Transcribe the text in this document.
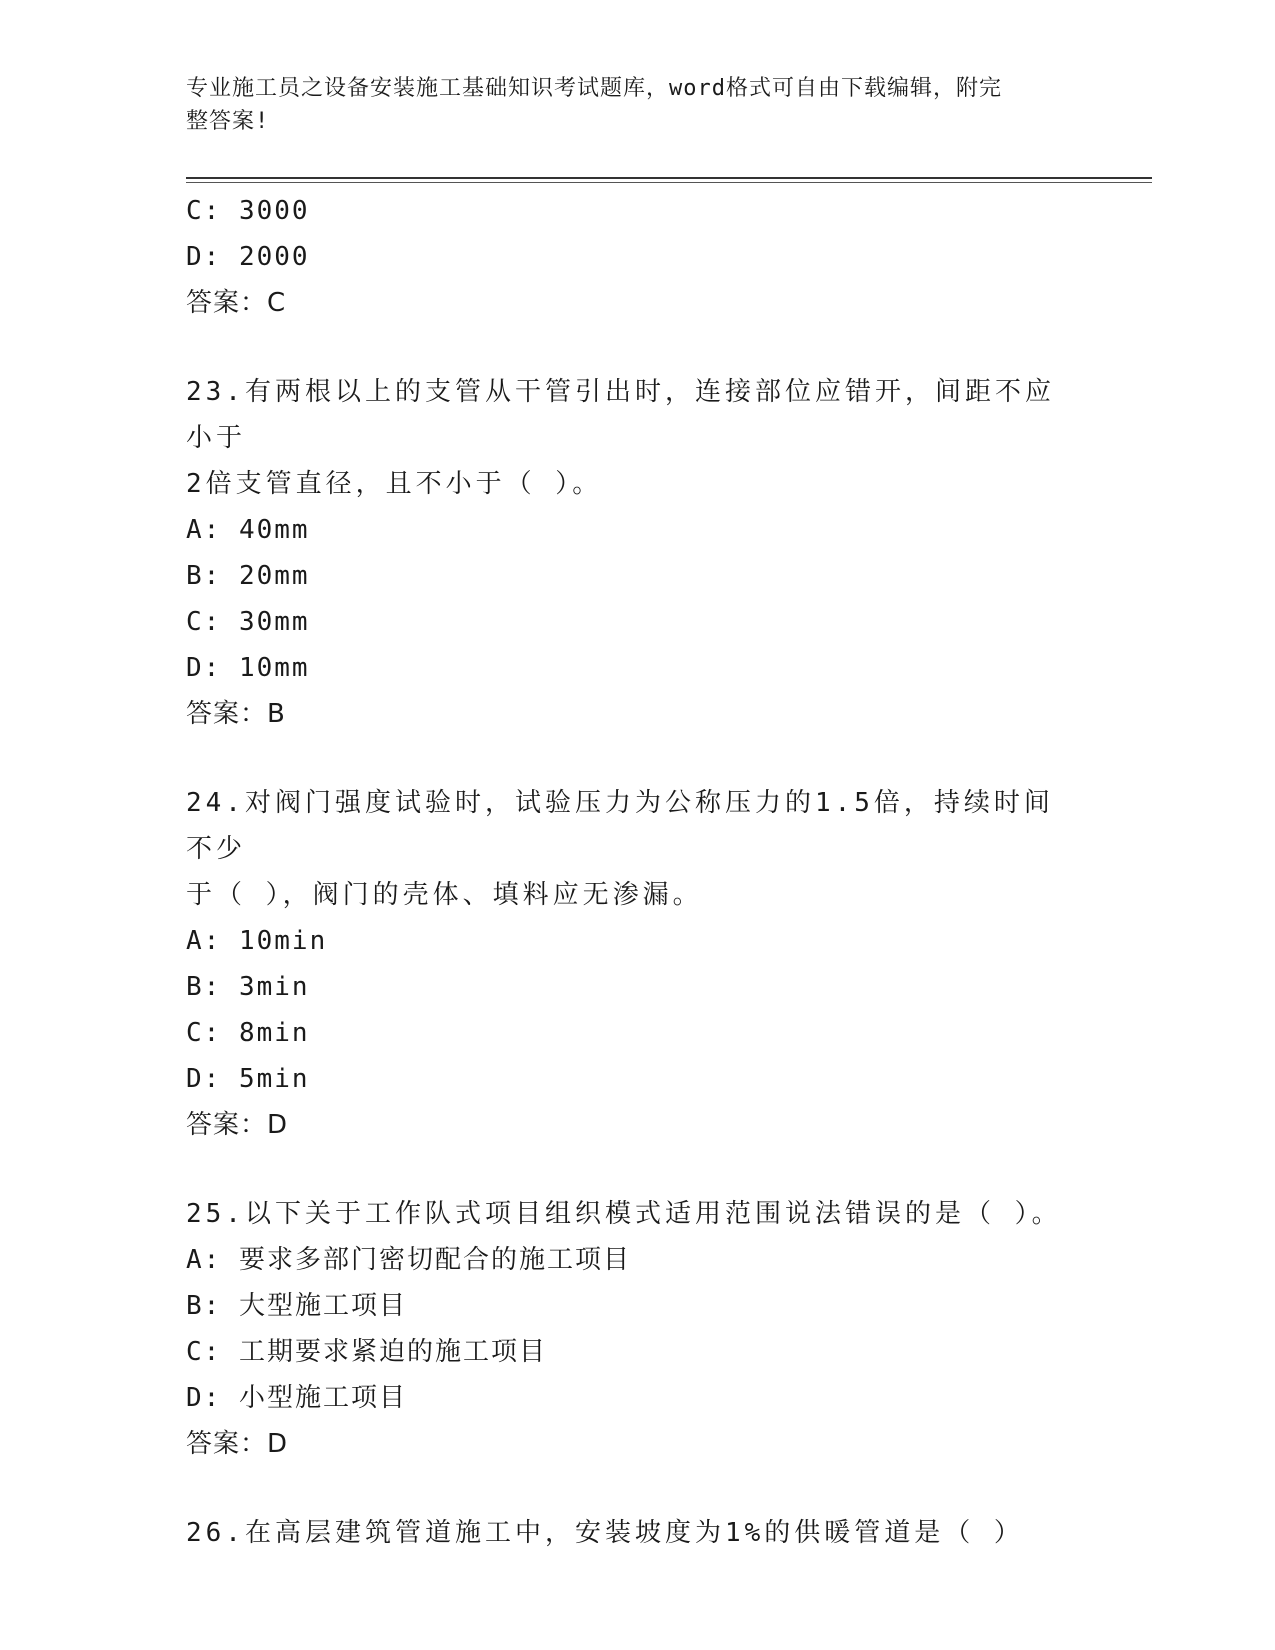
专业施工员之设备安装施工基础知识考试题库，word格式可自由下载编辑，附完
整答案!
C: 3000
D: 2000
答案：C
23.有两根以上的支管从干管引出时，连接部位应错开，间距不应小于
2倍支管直径，且不小于（ ）。
A: 40mm
B: 20mm
C: 30mm
D: 10mm
答案：B
24.对阀门强度试验时，试验压力为公称压力的1.5倍，持续时间不少
于（ ），阀门的壳体、填料应无渗漏。
A: 10min
B: 3min
C: 8min
D: 5min
答案：D
25.以下关于工作队式项目组织模式适用范围说法错误的是（ ）。
A: 要求多部门密切配合的施工项目
B: 大型施工项目
C: 工期要求紧迫的施工项目
D: 小型施工项目
答案：D
26.在高层建筑管道施工中，安装坡度为1%的供暖管道是（ ）
